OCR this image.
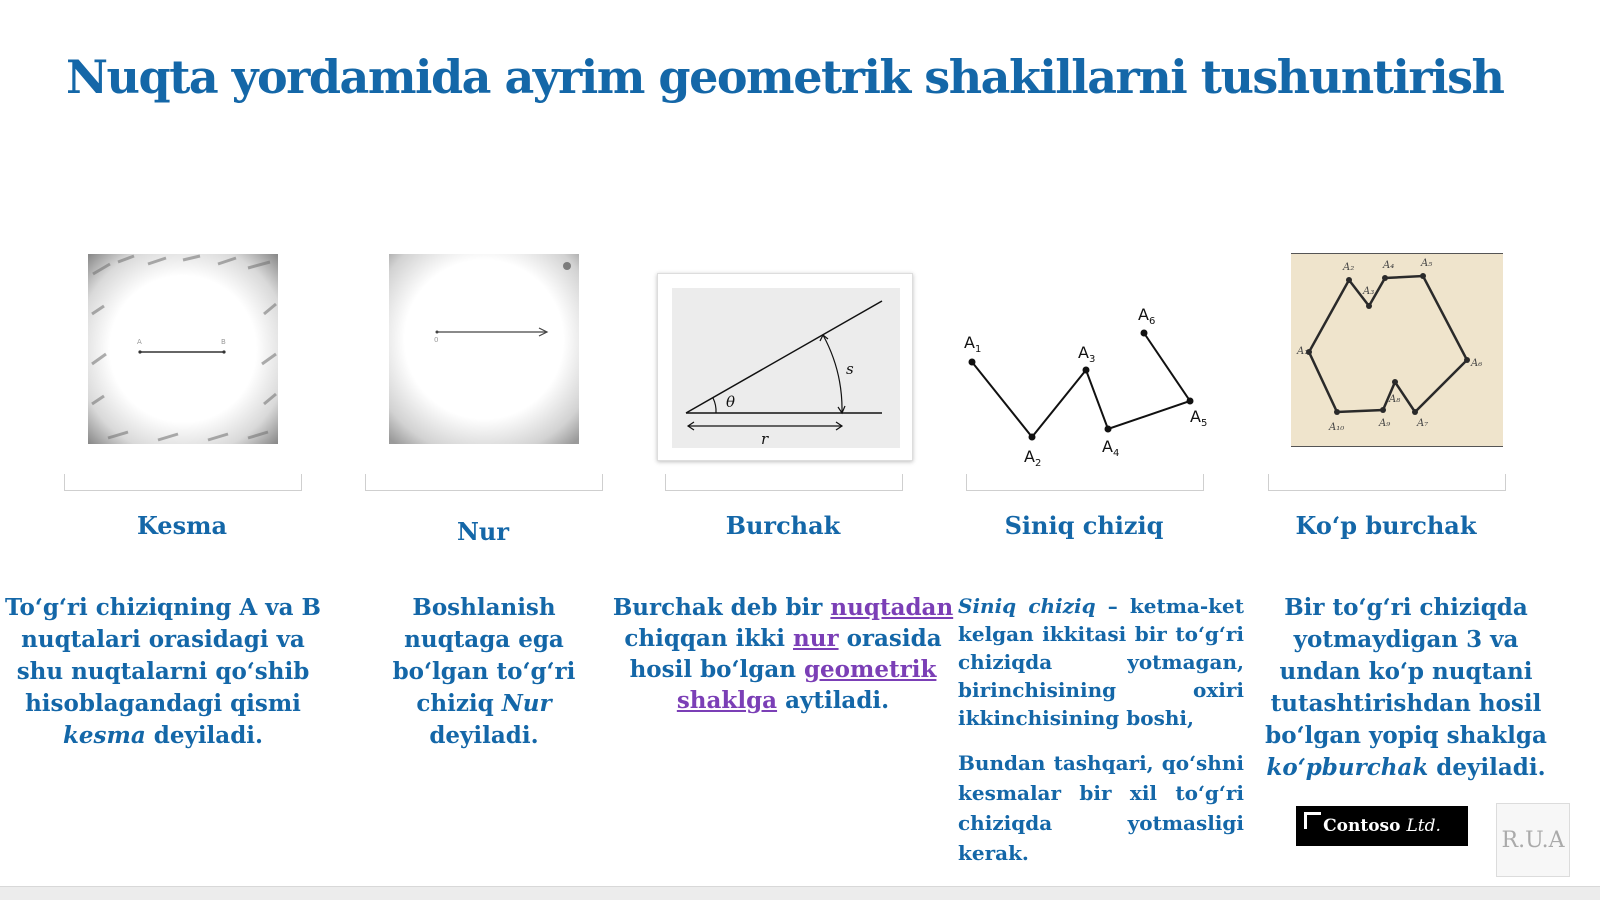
Nuqta yordamida ayrim geometrik shakillarni tushuntirish
A	B	0
θ
s
r
$A_1$
$A_2$
$A_3$
$A_4$
$A_5$
$A_6$
A₂
A₃
A₄	A₅
A₆
A₇
A₈
A₉
A₁₀
A₁
Kesma	Nur	Burchak	Siniq chiziq	Ko‘p burchak
To‘g‘ri chiziqning A va B nuqtalari orasidagi va shu nuqtalarni qo‘shib hisoblagandagi qismi kesma deyiladi.
Boshlanish nuqtaga ega bo‘lgan to‘g‘ri chiziq Nur deyiladi.
Burchak deb bir nuqtadan chiqqan ikki nur orasida hosil bo‘lgan geometrik shaklga aytiladi.
Siniq chiziq – ketma-ket kelgan ikkitasi bir to‘g‘ri chiziqda yotmagan, birinchisining oxiri ikkinchisining boshi,
Bundan tashqari, qo‘shni kesmalar bir xil to‘g‘ri chiziqda yotmasligi kerak.
Bir to‘g‘ri chiziqda yotmaydigan 3 va undan ko‘p nuqtani tutashtirishdan hosil bo‘lgan yopiq shaklga ko‘pburchak deyiladi.
Contoso Ltd.
R.U.A
